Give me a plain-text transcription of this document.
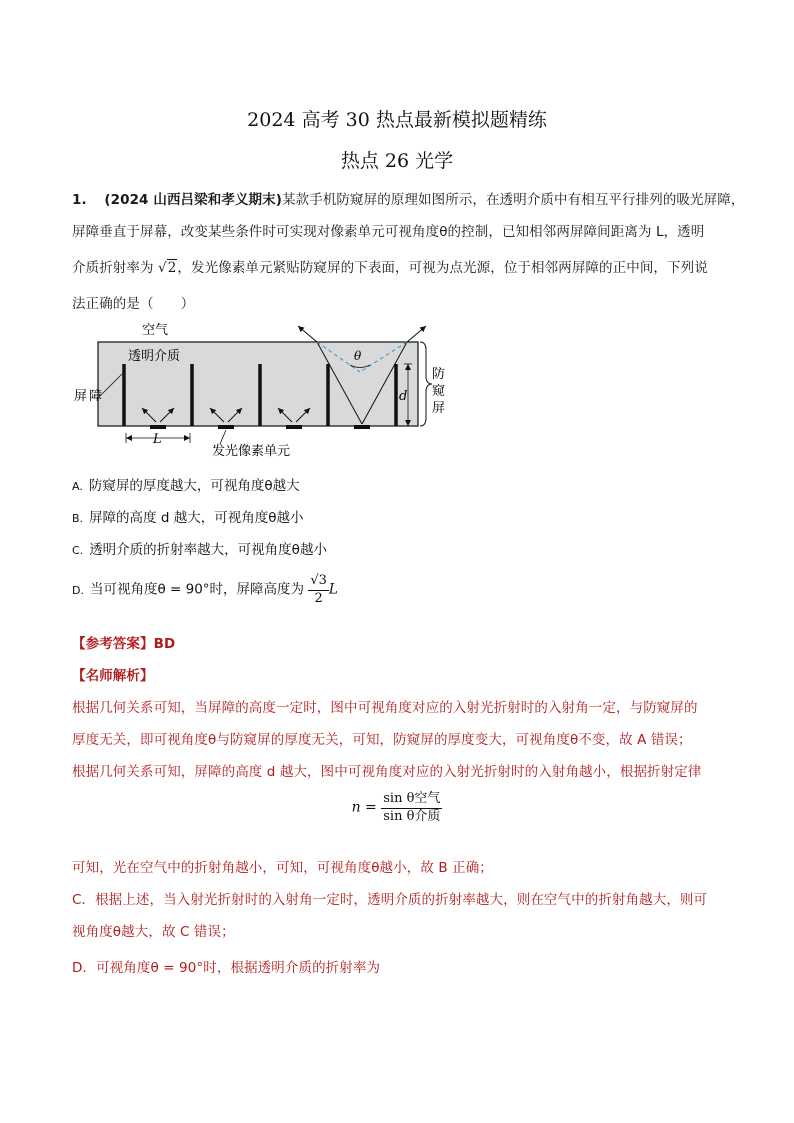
2024 高考 30 热点最新模拟题精练
热点 26 光学
1. (2024 山西吕梁和孝义期末)某款手机防窥屏的原理如图所示，在透明介质中有相互平行排列的吸光屏障，
屏障垂直于屏幕，改变某些条件时可实现对像素单元可视角度θ的控制，已知相邻两屏障间距离为 L，透明
介质折射率为 √2，发光像素单元紧贴防窥屏的下表面，可视为点光源，位于相邻两屏障的正中间，下列说
法正确的是（　　）
空气
透明介质
屏障
θ
d
L
防
窥
屏
发光像素单元
A. 防窥屏的厚度越大，可视角度θ越大
B. 屏障的高度 d 越大，可视角度θ越小
C. 透明介质的折射率越大，可视角度θ越小
D. 当可视角度θ = 90°时，屏障高度为 $\frac{√3}{2}$ L
【参考答案】BD
【名师解析】
根据几何关系可知，当屏障的高度一定时，图中可视角度对应的入射光折射时的入射角一定，与防窥屏的
厚度无关，即可视角度θ与防窥屏的厚度无关，可知，防窥屏的厚度变大，可视角度θ不变，故 A 错误；
根据几何关系可知，屏障的高度 d 越大，图中可视角度对应的入射光折射时的入射角越小，根据折射定律
$n = \frac{\text{sin θ空气}}{\text{sin θ介质}}$
可知，光在空气中的折射角越小，可知，可视角度θ越小，故 B 正确；
C．根据上述，当入射光折射时的入射角一定时，透明介质的折射率越大，则在空气中的折射角越大，则可
视角度θ越大，故 C 错误；
D．可视角度θ = 90°时，根据透明介质的折射率为
